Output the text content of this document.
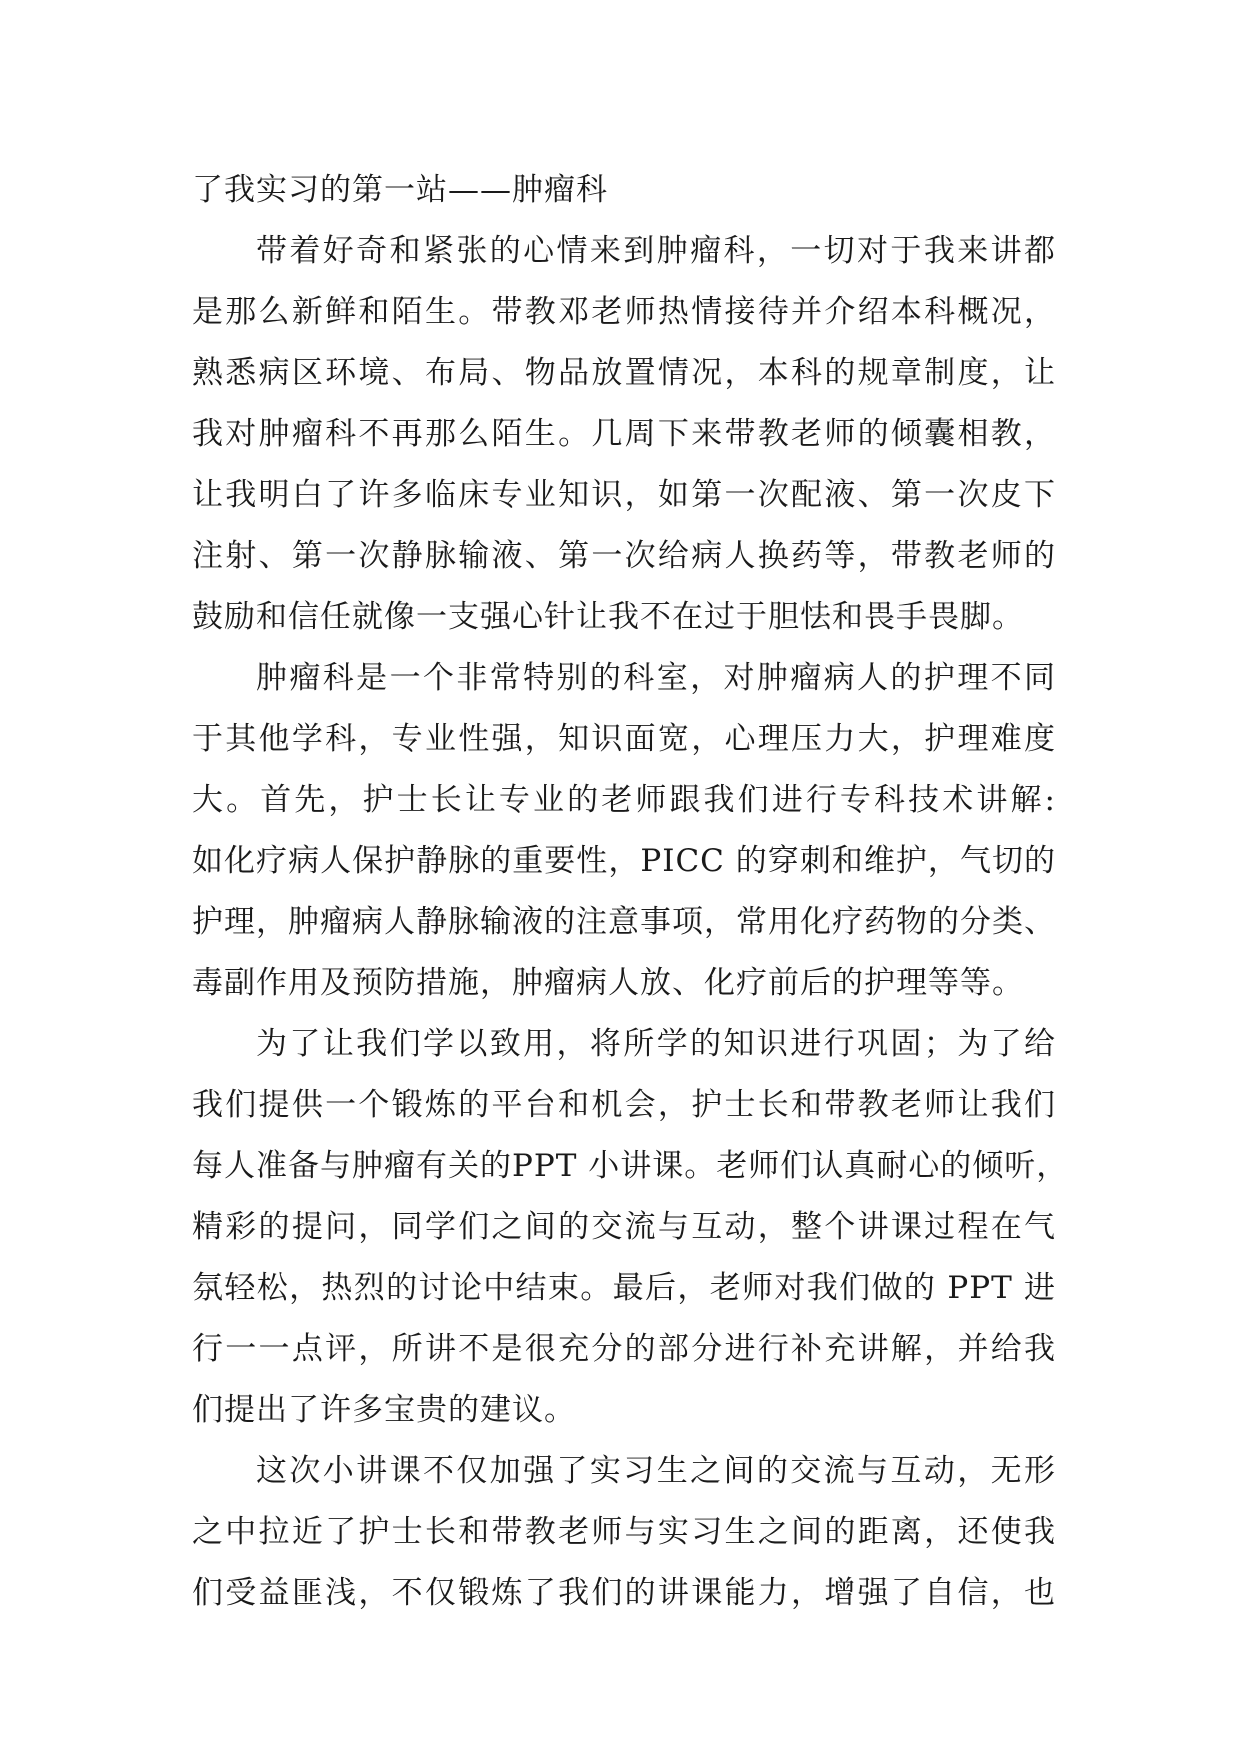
了我实习的第一站——肿瘤科
带着好奇和紧张的心情来到肿瘤科，一切对于我来讲都
是那么新鲜和陌生。带教邓老师热情接待并介绍本科概况，
熟悉病区环境、布局、物品放置情况，本科的规章制度，让
我对肿瘤科不再那么陌生。几周下来带教老师的倾囊相教，
让我明白了许多临床专业知识，如第一次配液、第一次皮下
注射、第一次静脉输液、第一次给病人换药等，带教老师的
鼓励和信任就像一支强心针让我不在过于胆怯和畏手畏脚。
肿瘤科是一个非常特别的科室，对肿瘤病人的护理不同
于其他学科，专业性强，知识面宽，心理压力大，护理难度
大。首先，护士长让专业的老师跟我们进行专科技术讲解:
如化疗病人保护静脉的重要性，PICC 的穿刺和维护，气切的
护理，肿瘤病人静脉输液的注意事项，常用化疗药物的分类、
毒副作用及预防措施，肿瘤病人放、化疗前后的护理等等。
为了让我们学以致用，将所学的知识进行巩固；为了给
我们提供一个锻炼的平台和机会，护士长和带教老师让我们
每人准备与肿瘤有关的PPT 小讲课。老师们认真耐心的倾听，
精彩的提问，同学们之间的交流与互动，整个讲课过程在气
氛轻松，热烈的讨论中结束。最后，老师对我们做的 PPT 进
行一一点评，所讲不是很充分的部分进行补充讲解，并给我
们提出了许多宝贵的建议。
这次小讲课不仅加强了实习生之间的交流与互动，无形
之中拉近了护士长和带教老师与实习生之间的距离，还使我
们受益匪浅，不仅锻炼了我们的讲课能力，增强了自信，也
